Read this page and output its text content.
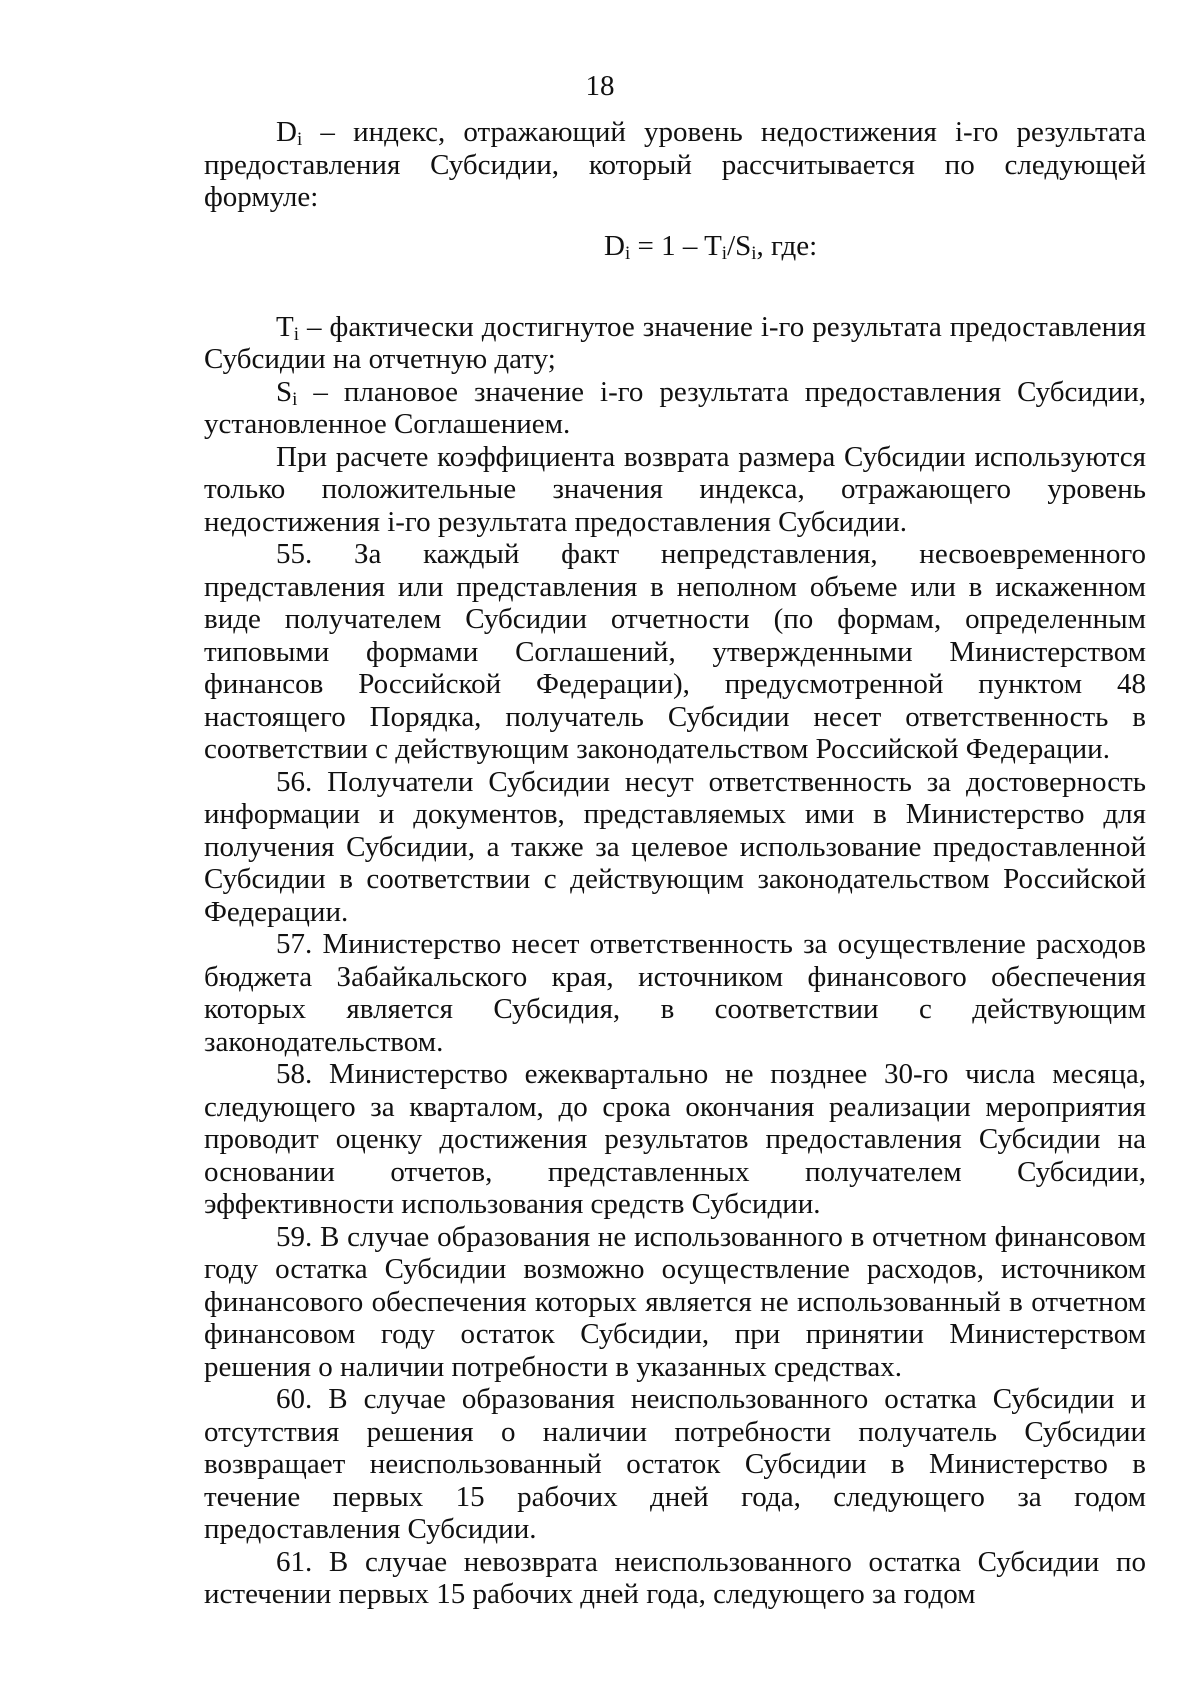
18

$D_i$ – индекс, отражающий уровень недостижения i-го результата предоставления Субсидии, который рассчитывается по следующей формуле:

$D_i = 1 - T_i/S_i$, где:

$T_i$ – фактически достигнутое значение i-го результата предоставления Субсидии на отчетную дату;

$S_i$ – плановое значение i-го результата предоставления Субсидии, установленное Соглашением.

При расчете коэффициента возврата размера Субсидии используются только положительные значения индекса, отражающего уровень недостижения i-го результата предоставления Субсидии.

55. За каждый факт непредставления, несвоевременного представления или представления в неполном объеме или в искаженном виде получателем Субсидии отчетности (по формам, определенным типовыми формами Соглашений, утвержденными Министерством финансов Российской Федерации), предусмотренной пунктом 48 настоящего Порядка, получатель Субсидии несет ответственность в соответствии с действующим законодательством Российской Федерации.

56. Получатели Субсидии несут ответственность за достоверность информации и документов, представляемых ими в Министерство для получения Субсидии, а также за целевое использование предоставленной Субсидии в соответствии с действующим законодательством Российской Федерации.

57. Министерство несет ответственность за осуществление расходов бюджета Забайкальского края, источником финансового обеспечения которых является Субсидия, в соответствии с действующим законодательством.

58. Министерство ежеквартально не позднее 30-го числа месяца, следующего за кварталом, до срока окончания реализации мероприятия проводит оценку достижения результатов предоставления Субсидии на основании отчетов, представленных получателем Субсидии, эффективности использования средств Субсидии.

59. В случае образования не использованного в отчетном финансовом году остатка Субсидии возможно осуществление расходов, источником финансового обеспечения которых является не использованный в отчетном финансовом году остаток Субсидии, при принятии Министерством решения о наличии потребности в указанных средствах.

60. В случае образования неиспользованного остатка Субсидии и отсутствия решения о наличии потребности получатель Субсидии возвращает неиспользованный остаток Субсидии в Министерство в течение первых 15 рабочих дней года, следующего за годом предоставления Субсидии.

61. В случае невозврата неиспользованного остатка Субсидии по истечении первых 15 рабочих дней года, следующего за годом
